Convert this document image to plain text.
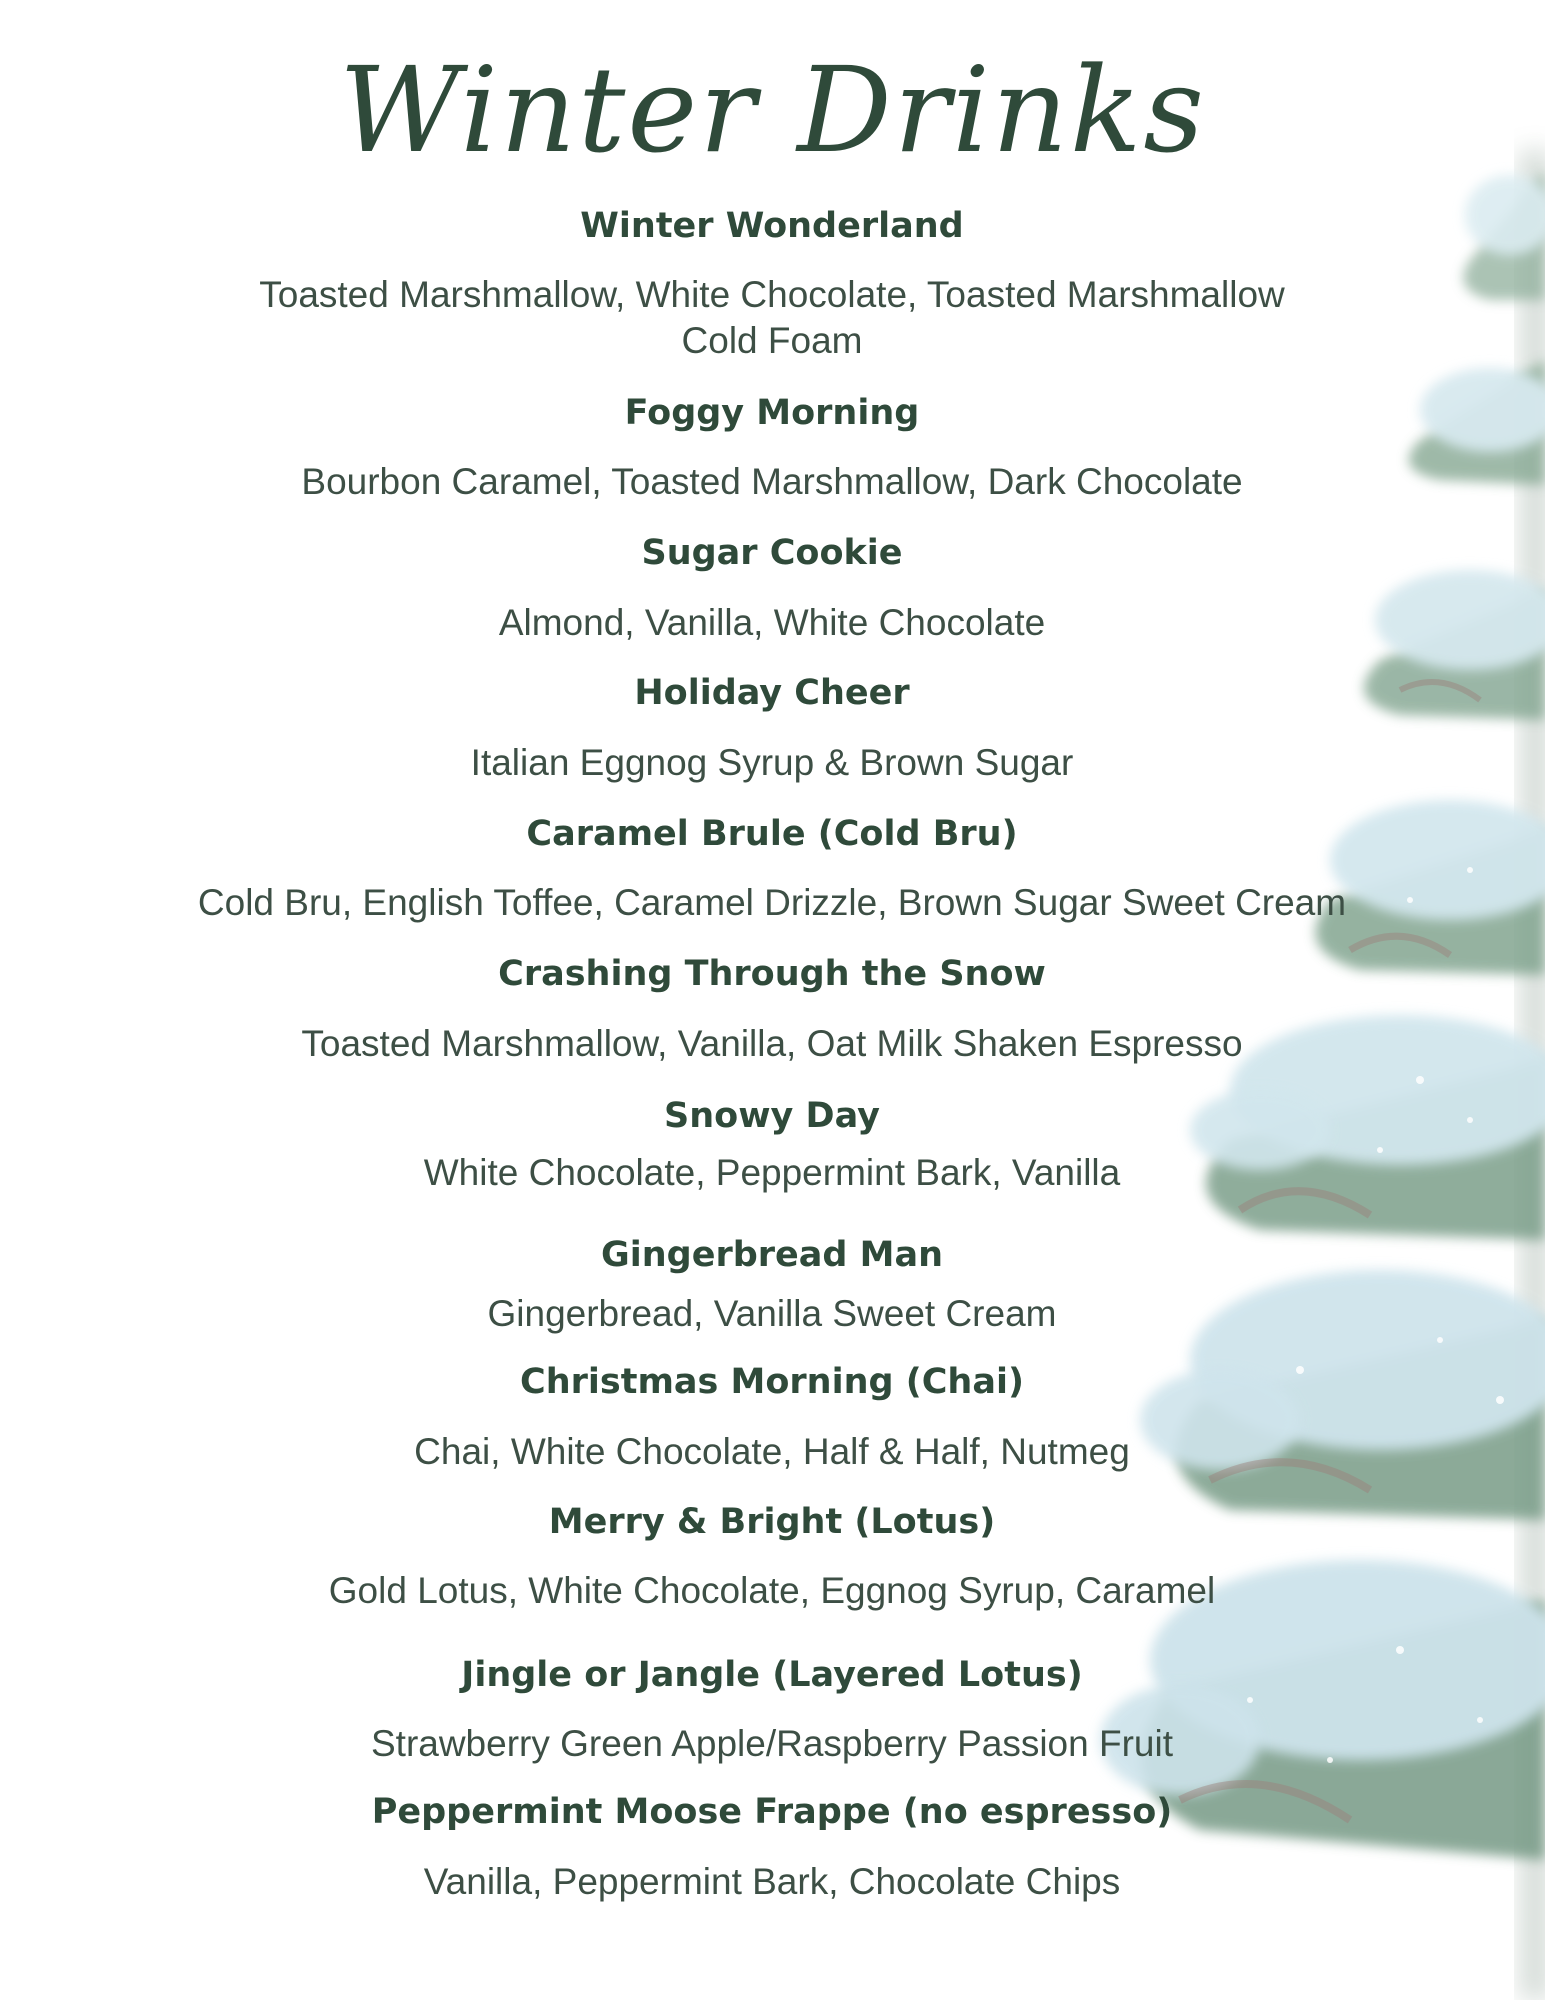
Winter Drinks
Winter Wonderland
Toasted Marshmallow, White Chocolate, Toasted Marshmallow
Cold Foam
Foggy Morning
Bourbon Caramel, Toasted Marshmallow, Dark Chocolate
Sugar Cookie
Almond, Vanilla, White Chocolate
Holiday Cheer
Italian Eggnog Syrup & Brown Sugar
Caramel Brule (Cold Bru)
Cold Bru, English Toffee, Caramel Drizzle, Brown Sugar Sweet Cream
Crashing Through the Snow
Toasted Marshmallow, Vanilla, Oat Milk Shaken Espresso
Snowy Day
White Chocolate, Peppermint Bark, Vanilla
Gingerbread Man
Gingerbread, Vanilla Sweet Cream
Christmas Morning (Chai)
Chai, White Chocolate, Half & Half, Nutmeg
Merry & Bright (Lotus)
Gold Lotus, White Chocolate, Eggnog Syrup, Caramel
Jingle or Jangle (Layered Lotus)
Strawberry Green Apple/Raspberry Passion Fruit
Peppermint Moose Frappe (no espresso)
Vanilla, Peppermint Bark, Chocolate Chips
